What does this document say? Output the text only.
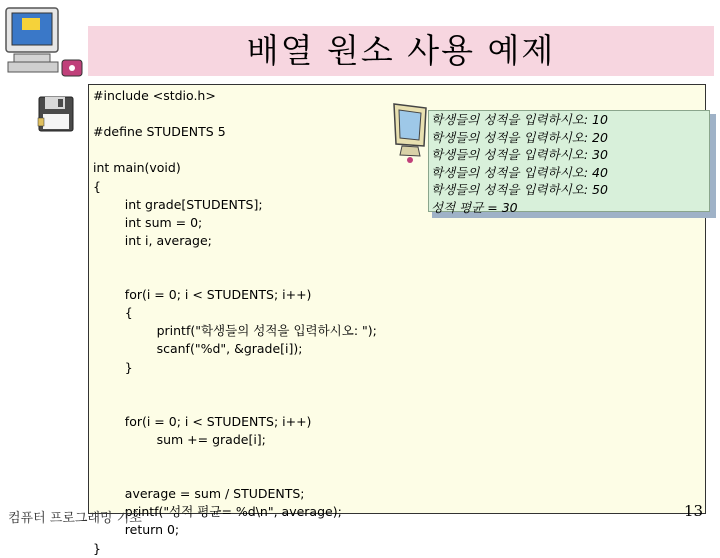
배열 원소 사용 예제
#include <stdio.h>
#define STUDENTS 5
int main(void)
{
int grade[STUDENTS];
int sum = 0;
int i, average;
for(i = 0; i < STUDENTS; i++)
{
printf("학생들의 성적을 입력하시오: ");
scanf("%d", &grade[i]);
}
for(i = 0; i < STUDENTS; i++)
sum += grade[i];
average = sum / STUDENTS;
printf("성적 평균= %d\n", average);
return 0;
}
학생들의 성적을 입력하시오: 10
학생들의 성적을 입력하시오: 20
학생들의 성적을 입력하시오: 30
학생들의 성적을 입력하시오: 40
학생들의 성적을 입력하시오: 50
성적 평균 = 30
컴퓨터 프로그래밍 기초	13
